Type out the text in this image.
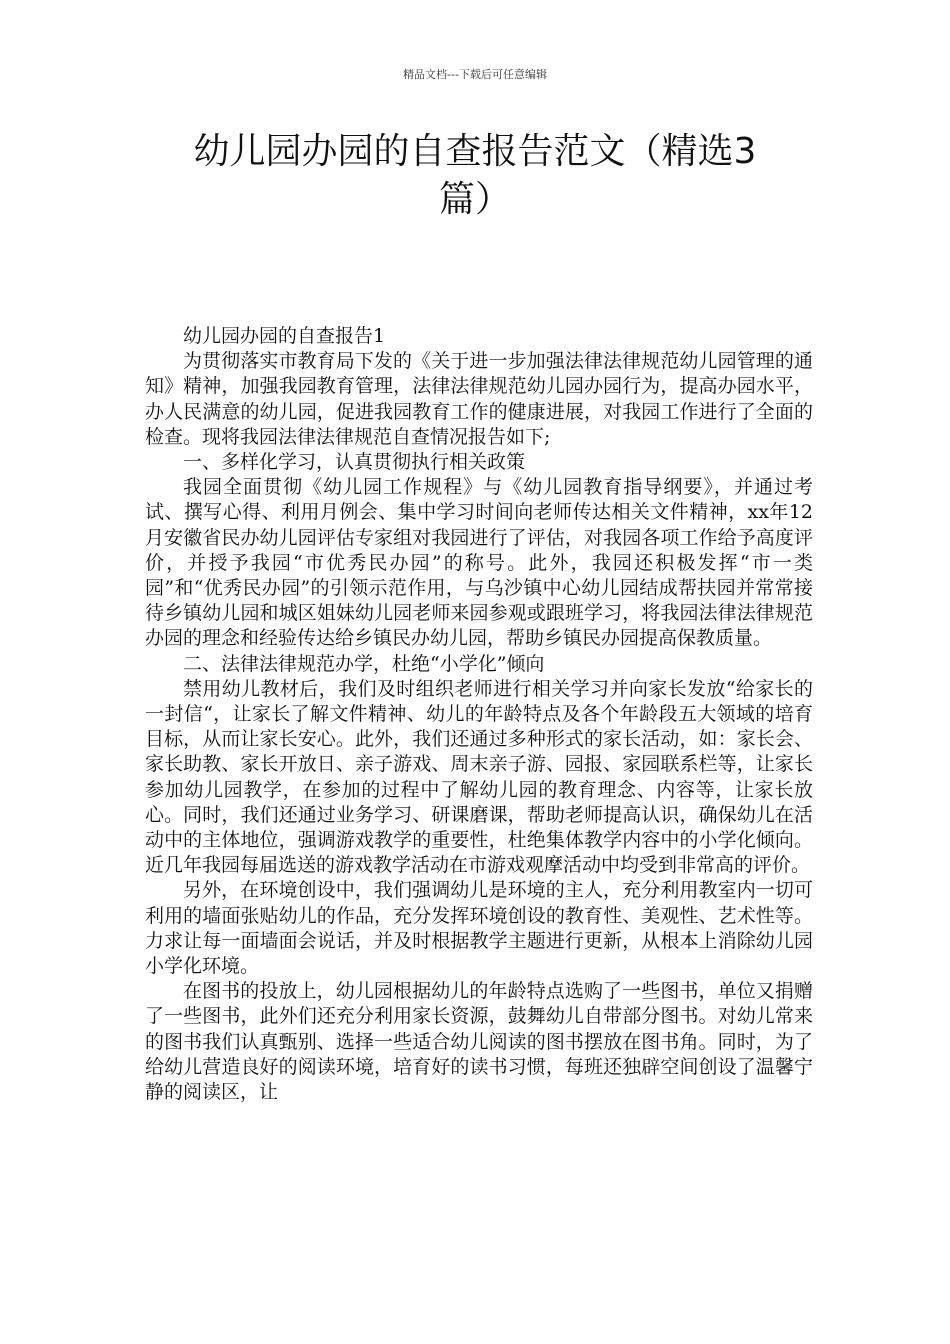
精品文档---下载后可任意编辑
幼儿园办园的自查报告范文（精选3
篇）

幼儿园办园的自查报告1

为贯彻落实市教育局下发的《关于进一步加强法律法律规范幼儿园管理的通知》精神，加强我园教育管理，法律法律规范幼儿园办园行为，提高办园水平，办人民满意的幼儿园，促进我园教育工作的健康进展，对我园工作进行了全面的检查。现将我园法律法律规范自查情况报告如下;

一、多样化学习，认真贯彻执行相关政策

我园全面贯彻《幼儿园工作规程》与《幼儿园教育指导纲要》，并通过考试、撰写心得、利用月例会、集中学习时间向老师传达相关文件精神，xx年12月安徽省民办幼儿园评估专家组对我园进行了评估，对我园各项工作给予高度评价，并授予我园“市优秀民办园”的称号。此外，我园还积极发挥“市一类园”和“优秀民办园”的引领示范作用，与乌沙镇中心幼儿园结成帮扶园并常常接待乡镇幼儿园和城区姐妹幼儿园老师来园参观或跟班学习，将我园法律法律规范办园的理念和经验传达给乡镇民办幼儿园，帮助乡镇民办园提高保教质量。

二、法律法律规范办学，杜绝“小学化”倾向

禁用幼儿教材后，我们及时组织老师进行相关学习并向家长发放“给家长的一封信“，让家长了解文件精神、幼儿的年龄特点及各个年龄段五大领域的培育目标，从而让家长安心。此外，我们还通过多种形式的家长活动，如：家长会、家长助教、家长开放日、亲子游戏、周末亲子游、园报、家园联系栏等，让家长参加幼儿园教学，在参加的过程中了解幼儿园的教育理念、内容等，让家长放心。同时，我们还通过业务学习、研课磨课，帮助老师提高认识，确保幼儿在活动中的主体地位，强调游戏教学的重要性，杜绝集体教学内容中的小学化倾向。近几年我园每届选送的游戏教学活动在市游戏观摩活动中均受到非常高的评价。

另外，在环境创设中，我们强调幼儿是环境的主人，充分利用教室内一切可利用的墙面张贴幼儿的作品，充分发挥环境创设的教育性、美观性、艺术性等。力求让每一面墙面会说话，并及时根据教学主题进行更新，从根本上消除幼儿园小学化环境。

在图书的投放上，幼儿园根据幼儿的年龄特点选购了一些图书，单位又捐赠了一些图书，此外们还充分利用家长资源，鼓舞幼儿自带部分图书。对幼儿常来的图书我们认真甄别、选择一些适合幼儿阅读的图书摆放在图书角。同时，为了给幼儿营造良好的阅读环境，培育好的读书习惯，每班还独辟空间创设了温馨宁静的阅读区，让
